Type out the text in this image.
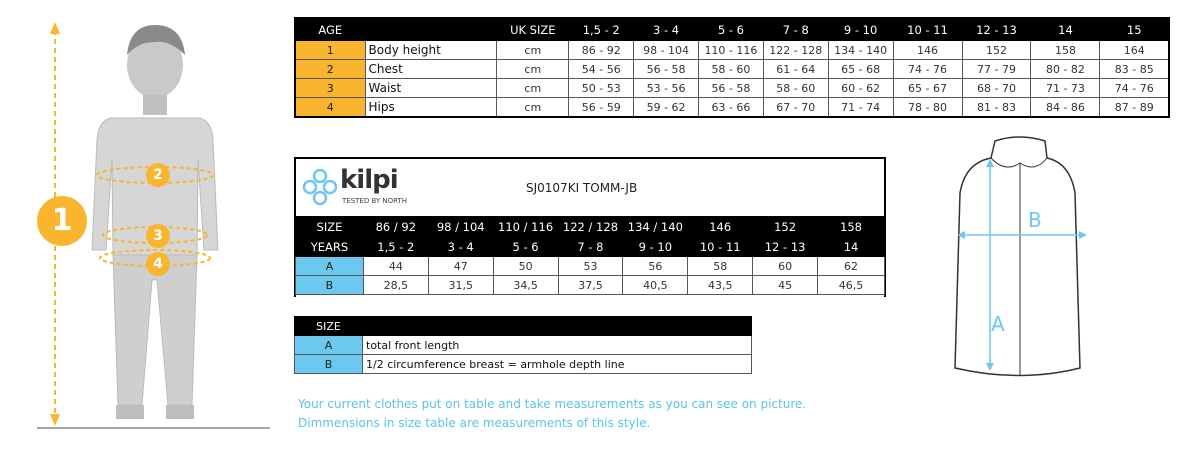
1
2
3
4
AGE		UK SIZE	1,5 - 2	3 - 4	5 - 6	7 - 8	9 - 10	10 - 11	12 - 13	14	15
1	Body height	cm	86 - 92	98 - 104	110 - 116	122 - 128	134 - 140	146	152	158	164
2	Chest	cm	54 - 56	56 - 58	58 - 60	61 - 64	65 - 68	74 - 76	77 - 79	80 - 82	83 - 85
3	Waist	cm	50 - 53	53 - 56	56 - 58	58 - 60	60 - 62	65 - 67	68 - 70	71 - 73	74 - 76
4	Hips	cm	56 - 59	59 - 62	63 - 66	67 - 70	71 - 74	78 - 80	81 - 83	84 - 86	87 - 89
kilpi
TESTED BY NORTH
SJ0107KI TOMM-JB
SIZE	86 / 92	98 / 104	110 / 116	122 / 128	134 / 140	146	152	158
YEARS	1,5 - 2	3 - 4	5 - 6	7 - 8	9 - 10	10 - 11	12 - 13	14
A	44	47	50	53	56	58	60	62
B	28,5	31,5	34,5	37,5	40,5	43,5	45	46,5
SIZE	
A	total front length
B	1/2 circumference breast = armhole depth line
B
A
Your current clothes put on table and take measurements as you can see on picture.
Dimmensions in size table are measurements of this style.
